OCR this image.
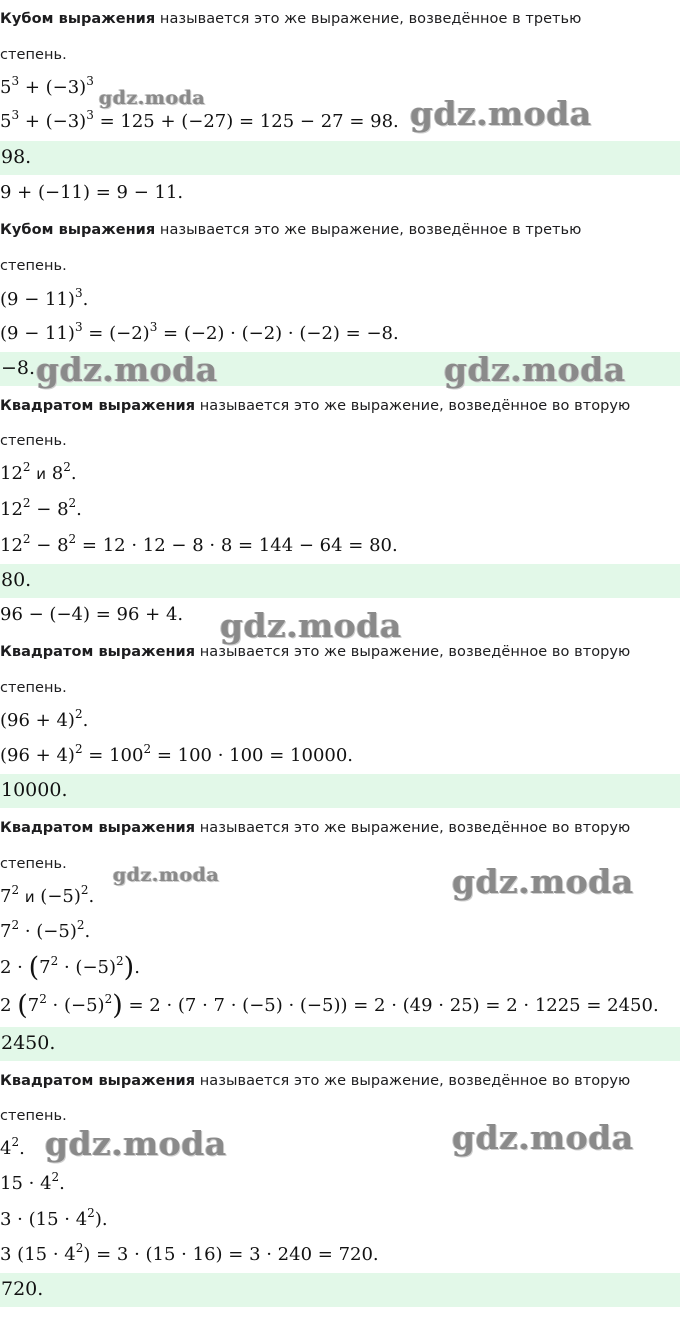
Кубом выражения называется это же выражение, возведённое в третью
степень.
$5^3 + (-3)^3$
$5^3 + (-3)^3 = 125 + (-27) = 125 - 27 = 98$.
98.
9 + (−11) = 9 − 11.
Кубом выражения называется это же выражение, возведённое в третью
степень.
$(9 - 11)^3$.
$(9 - 11)^3 = (-2)^3 = (-2) \cdot (-2) \cdot (-2) = -8$.
−8.
Квадратом выражения называется это же выражение, возведённое во вторую
степень.
$12^2$ и $8^2$.
$12^2 - 8^2$.
$12^2 - 8^2 = 12 \cdot 12 - 8 \cdot 8 = 144 - 64 = 80$.
80.
96 − (−4) = 96 + 4.
Квадратом выражения называется это же выражение, возведённое во вторую
степень.
$(96 + 4)^2$.
$(96 + 4)^2 = 100^2 = 100 \cdot 100 = 10000$.
10000.
Квадратом выражения называется это же выражение, возведённое во вторую
степень.
$7^2$ и $(-5)^2$.
$7^2 \cdot (-5)^2$.
$2 \cdot (7^2 \cdot (-5)^2)$.
2 $(7^2 \cdot (-5)^2) = 2 \cdot (7 \cdot 7 \cdot (-5) \cdot (-5)) = 2 \cdot (49 \cdot 25) = 2 \cdot 1225 = 2450$.
2450.
Квадратом выражения называется это же выражение, возведённое во вторую
степень.
$4^2$.
$15 \cdot 4^2$.
$3 \cdot (15 \cdot 4^2)$.
3 $(15 \cdot 4^2) = 3 \cdot (15 \cdot 16) = 3 \cdot 240 = 720$.
720.
gdz.moda	gdz.moda
gdz.moda	gdz.moda
gdz.moda
gdz.moda	gdz.moda
gdz.moda	gdz.moda
